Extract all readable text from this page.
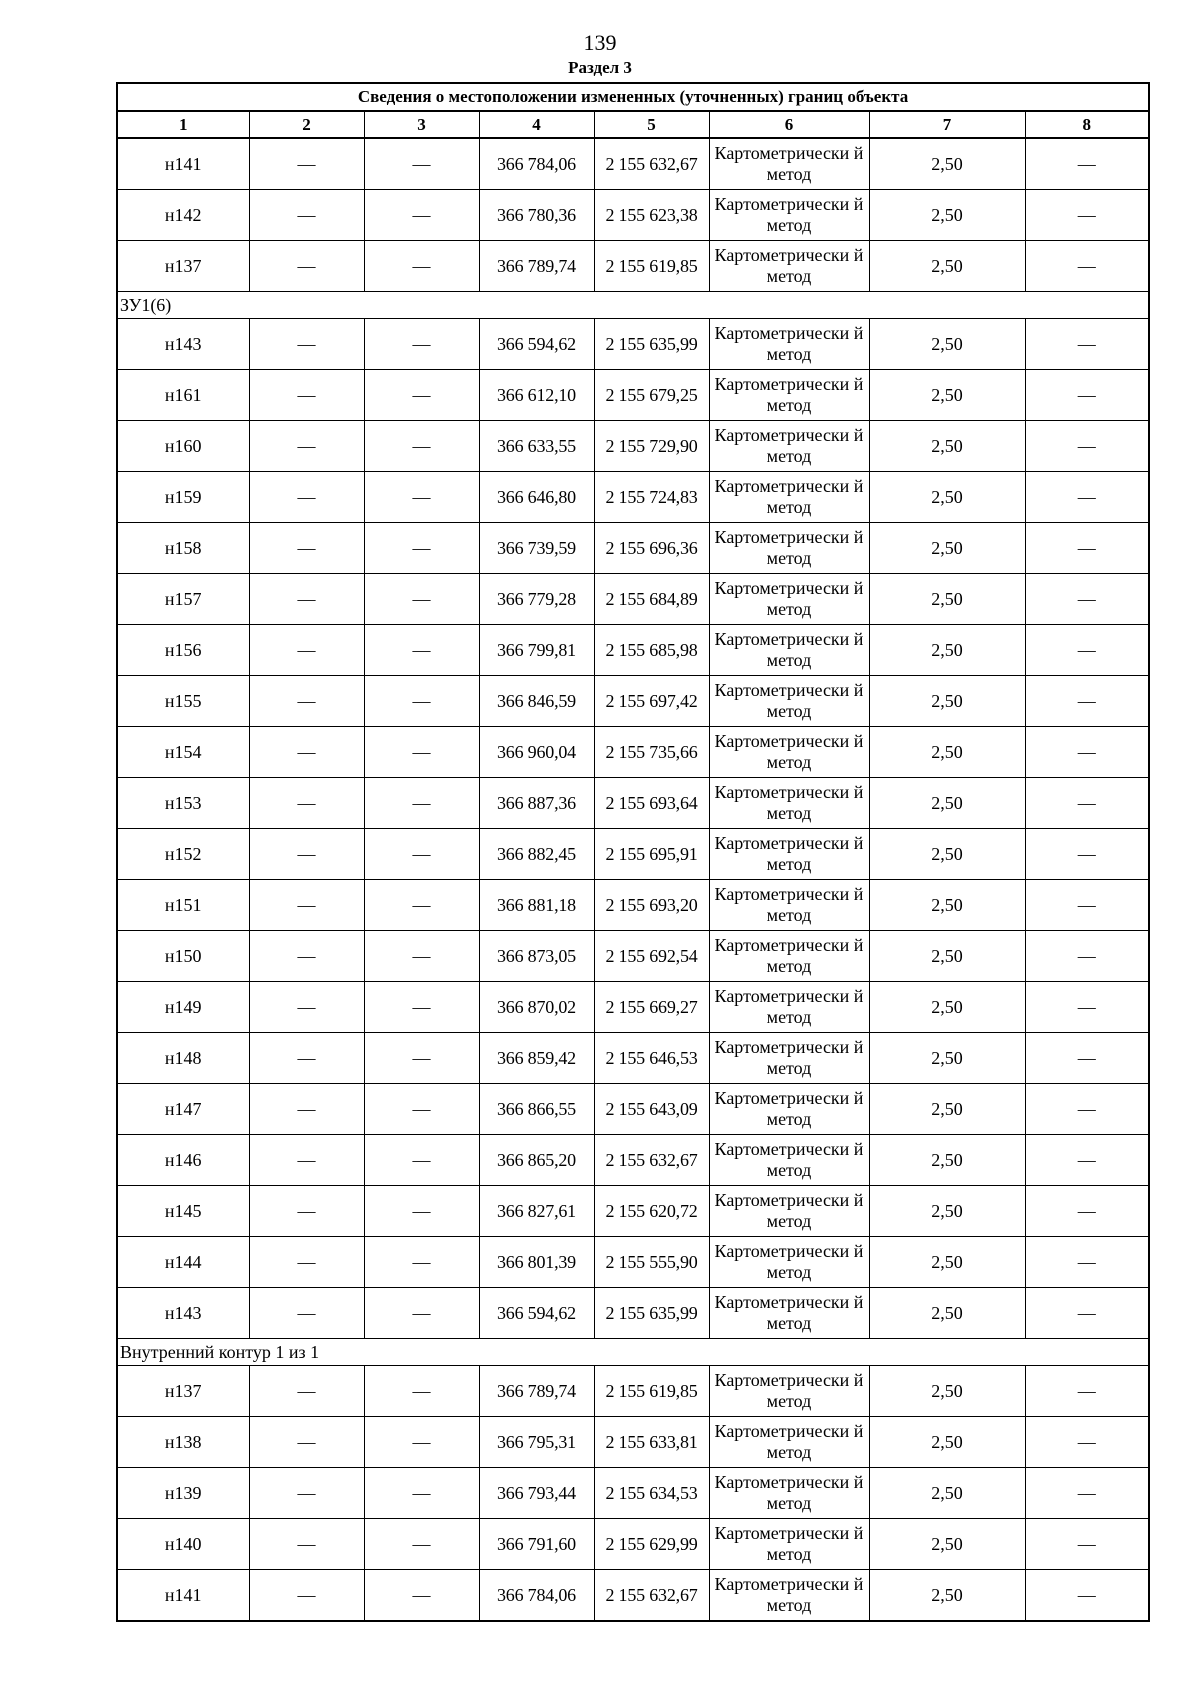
139
Раздел 3
Сведения о местоположении измененных (уточненных) границ объекта							
1	2	3	4	5	6	7	8
н141	—	—	366 784,06	2 155 632,67	Картометрически й метод	2,50	—
н142	—	—	366 780,36	2 155 623,38	Картометрически й метод	2,50	—
н137	—	—	366 789,74	2 155 619,85	Картометрически й метод	2,50	—
ЗУ1(6)							
н143	—	—	366 594,62	2 155 635,99	Картометрически й метод	2,50	—
н161	—	—	366 612,10	2 155 679,25	Картометрически й метод	2,50	—
н160	—	—	366 633,55	2 155 729,90	Картометрически й метод	2,50	—
н159	—	—	366 646,80	2 155 724,83	Картометрически й метод	2,50	—
н158	—	—	366 739,59	2 155 696,36	Картометрически й метод	2,50	—
н157	—	—	366 779,28	2 155 684,89	Картометрически й метод	2,50	—
н156	—	—	366 799,81	2 155 685,98	Картометрически й метод	2,50	—
н155	—	—	366 846,59	2 155 697,42	Картометрически й метод	2,50	—
н154	—	—	366 960,04	2 155 735,66	Картометрически й метод	2,50	—
н153	—	—	366 887,36	2 155 693,64	Картометрически й метод	2,50	—
н152	—	—	366 882,45	2 155 695,91	Картометрически й метод	2,50	—
н151	—	—	366 881,18	2 155 693,20	Картометрически й метод	2,50	—
н150	—	—	366 873,05	2 155 692,54	Картометрически й метод	2,50	—
н149	—	—	366 870,02	2 155 669,27	Картометрически й метод	2,50	—
н148	—	—	366 859,42	2 155 646,53	Картометрически й метод	2,50	—
н147	—	—	366 866,55	2 155 643,09	Картометрически й метод	2,50	—
н146	—	—	366 865,20	2 155 632,67	Картометрически й метод	2,50	—
н145	—	—	366 827,61	2 155 620,72	Картометрически й метод	2,50	—
н144	—	—	366 801,39	2 155 555,90	Картометрически й метод	2,50	—
н143	—	—	366 594,62	2 155 635,99	Картометрически й метод	2,50	—
Внутренний контур 1 из 1							
н137	—	—	366 789,74	2 155 619,85	Картометрически й метод	2,50	—
н138	—	—	366 795,31	2 155 633,81	Картометрически й метод	2,50	—
н139	—	—	366 793,44	2 155 634,53	Картометрически й метод	2,50	—
н140	—	—	366 791,60	2 155 629,99	Картометрически й метод	2,50	—
н141	—	—	366 784,06	2 155 632,67	Картометрически й метод	2,50	—
